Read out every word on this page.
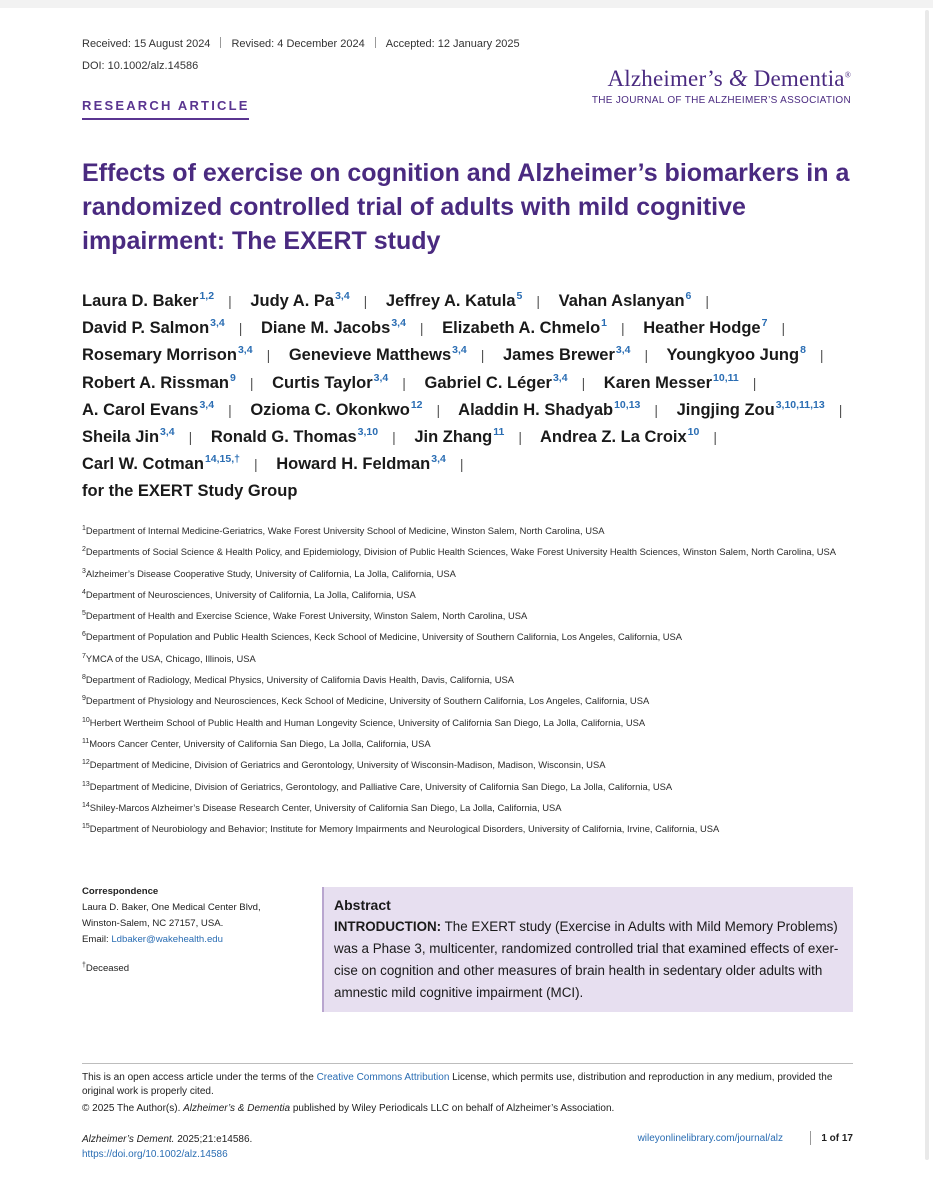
Received: 15 August 2024 Revised: 4 December 2024 Accepted: 12 January 2025
DOI: 10.1002/alz.14586	Alzheimer’s & Dementia®
THE JOURNAL OF THE ALZHEIMER’S ASSOCIATION
RESEARCH ARTICLE
Effects of exercise on cognition and Alzheimer’s biomarkers in a randomized controlled trial of adults with mild cognitive impairment: The EXERT study
Laura D. Baker$^{1,2}$ | Judy A. Pa$^{3,4}$ | Jeffrey A. Katula$^5$ | Vahan Aslanyan$^6$ | David P. Salmon$^{3,4}$ | Diane M. Jacobs$^{3,4}$ | Elizabeth A. Chmelo$^1$ | Heather Hodge$^7$ | Rosemary Morrison$^{3,4}$ | Genevieve Matthews$^{3,4}$ | James Brewer$^{3,4}$ | Youngkyoo Jung$^8$ | Robert A. Rissman$^9$ | Curtis Taylor$^{3,4}$ | Gabriel C. Léger$^{3,4}$ | Karen Messer$^{10,11}$ | A. Carol Evans$^{3,4}$ | Ozioma C. Okonkwo$^{12}$ | Aladdin H. Shadyab$^{10,13}$ | Jingjing Zou$^{3,10,11,13}$ | Sheila Jin$^{3,4}$ | Ronald G. Thomas$^{3,10}$ | Jin Zhang$^{11}$ | Andrea Z. La Croix$^{10}$ | Carl W. Cotman$^{14,15,\dagger}$ | Howard H. Feldman$^{3,4}$ |
for the EXERT Study Group
$^1$Department of Internal Medicine-Geriatrics, Wake Forest University School of Medicine, Winston Salem, North Carolina, USA
$^2$Departments of Social Science & Health Policy, and Epidemiology, Division of Public Health Sciences, Wake Forest University Health Sciences, Winston Salem, North Carolina, USA
$^3$Alzheimer’s Disease Cooperative Study, University of California, La Jolla, California, USA
$^4$Department of Neurosciences, University of California, La Jolla, California, USA
$^5$Department of Health and Exercise Science, Wake Forest University, Winston Salem, North Carolina, USA
$^6$Department of Population and Public Health Sciences, Keck School of Medicine, University of Southern California, Los Angeles, California, USA
$^7$YMCA of the USA, Chicago, Illinois, USA
$^8$Department of Radiology, Medical Physics, University of California Davis Health, Davis, California, USA
$^9$Department of Physiology and Neurosciences, Keck School of Medicine, University of Southern California, Los Angeles, California, USA
$^{10}$Herbert Wertheim School of Public Health and Human Longevity Science, University of California San Diego, La Jolla, California, USA
$^{11}$Moors Cancer Center, University of California San Diego, La Jolla, California, USA
$^{12}$Department of Medicine, Division of Geriatrics and Gerontology, University of Wisconsin-Madison, Madison, Wisconsin, USA
$^{13}$Department of Medicine, Division of Geriatrics, Gerontology, and Palliative Care, University of California San Diego, La Jolla, California, USA
$^{14}$Shiley-Marcos Alzheimer’s Disease Research Center, University of California San Diego, La Jolla, California, USA
$^{15}$Department of Neurobiology and Behavior; Institute for Memory Impairments and Neurological Disorders, University of California, Irvine, California, USA
Correspondence
Laura D. Baker, One Medical Center Blvd,
Winston-Salem, NC 27157, USA.
Email: Ldbaker@wakehealth.edu
†Deceased
Abstract
INTRODUCTION: The EXERT study (Exercise in Adults with Mild Memory Problems) was a Phase 3, multicenter, randomized controlled trial that examined effects of exer-cise on cognition and other measures of brain health in sedentary older adults with amnestic mild cognitive impairment (MCI).
This is an open access article under the terms of the Creative Commons Attribution License, which permits use, distribution and reproduction in any medium, provided the original work is properly cited.
© 2025 The Author(s). Alzheimer’s & Dementia published by Wiley Periodicals LLC on behalf of Alzheimer’s Association.
Alzheimer’s Dement. 2025;21:e14586.
https://doi.org/10.1002/alz.14586
wileyonlinelibrary.com/journal/alz	1 of 17
